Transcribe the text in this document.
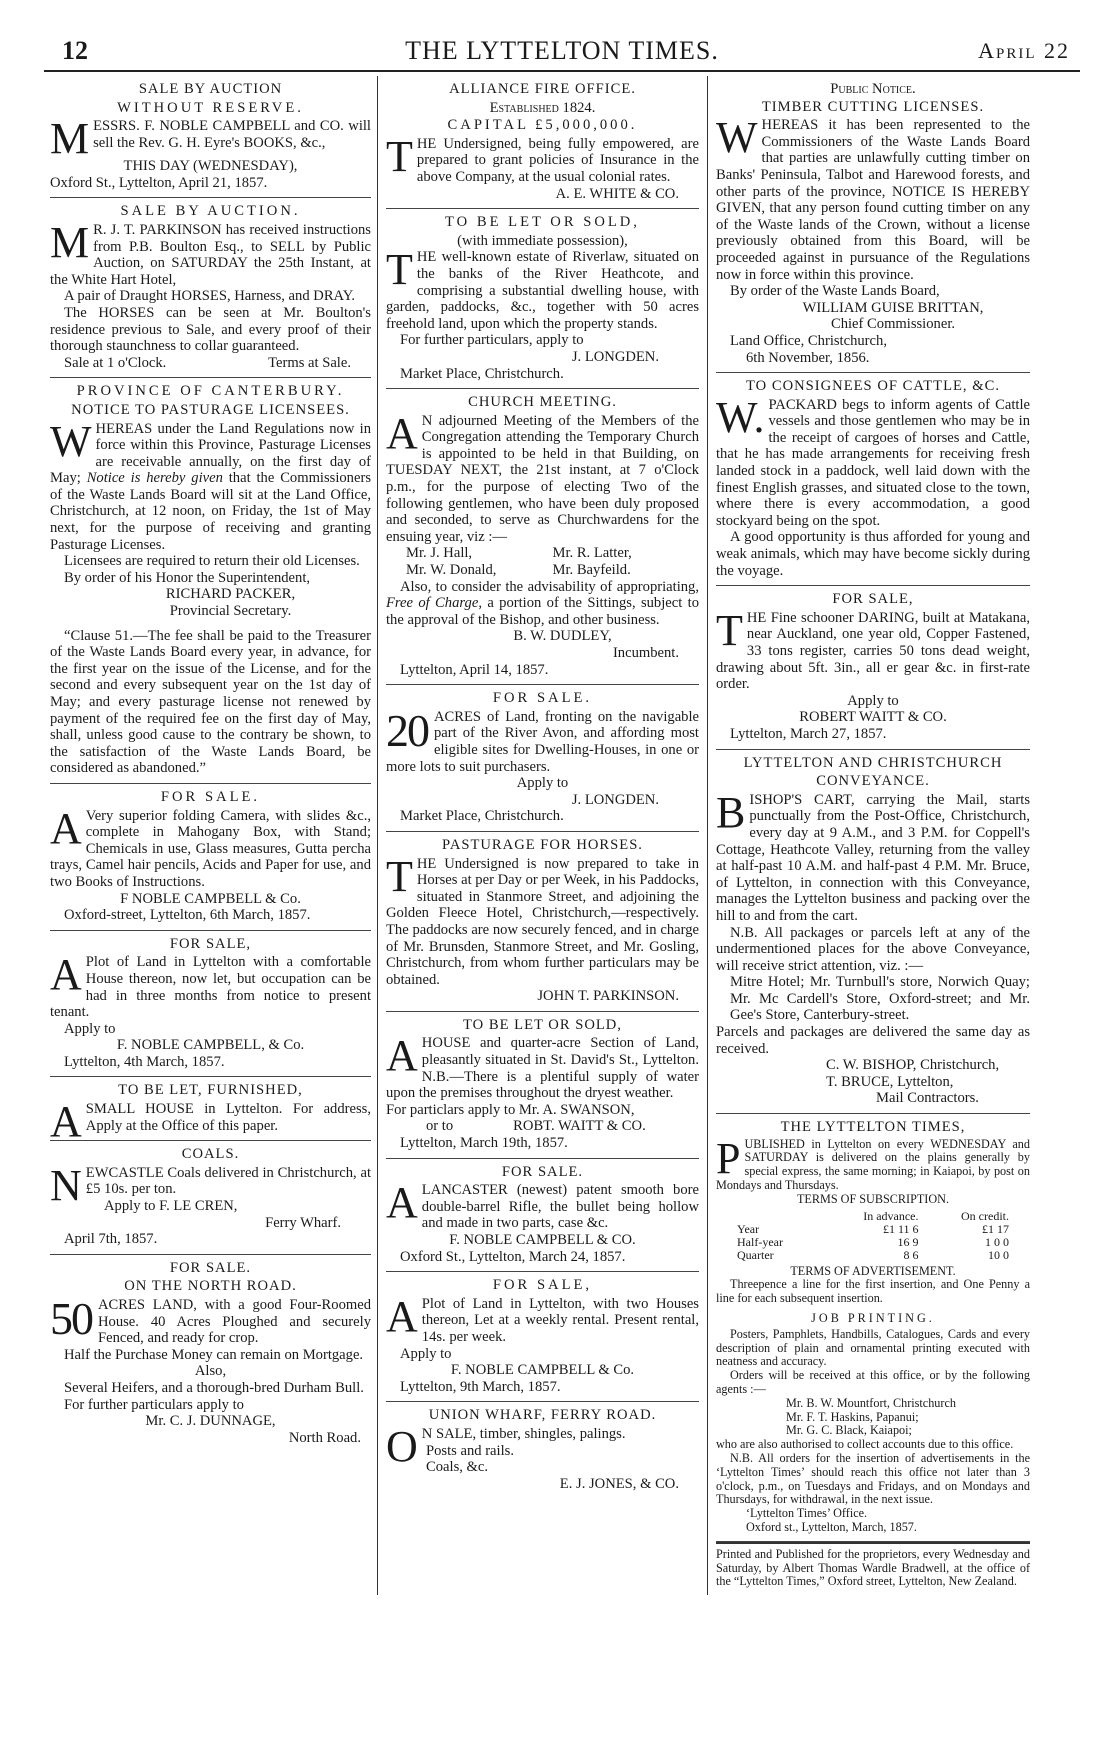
12	THE LYTTELTON TIMES.	April 22
SALE BY AUCTION
WITHOUT RESERVE.

MESSRS. F. NOBLE CAMPBELL and CO. will sell the Rev. G. H. Eyre's BOOKS, &c.,

THIS DAY (WEDNESDAY),

Oxford St., Lyttelton, April 21, 1857.

SALE BY AUCTION.

MR. J. T. PARKINSON has received instructions from P.B. Boulton Esq., to SELL by Public Auction, on SATURDAY the 25th Instant, at the White Hart Hotel,

A pair of Draught HORSES, Harness, and DRAY.

The HORSES can be seen at Mr. Boulton's residence previous to Sale, and every proof of their thorough staunchness to collar guaranteed.

Sale at 1 o'Clock.	Terms at Sale.

PROVINCE OF CANTERBURY.
NOTICE TO PASTURAGE LICENSEES.

WHEREAS under the Land Regulations now in force within this Province, Pasturage Licenses are receivable annually, on the first day of May; Notice is hereby given that the Commissioners of the Waste Lands Board will sit at the Land Office, Christchurch, at 12 noon, on Friday, the 1st of May next, for the purpose of receiving and granting Pasturage Licenses.

Licensees are required to return their old Licenses.

By order of his Honor the Superintendent,

RICHARD PACKER,

Provincial Secretary.

“Clause 51.—The fee shall be paid to the Treasurer of the Waste Lands Board every year, in advance, for the first year on the issue of the License, and for the second and every subsequent year on the 1st day of May; and every pasturage license not renewed by payment of the required fee on the first day of May, shall, unless good cause to the contrary be shown, to the satisfaction of the Waste Lands Board, be considered as abandoned.”

FOR SALE.

AVery superior folding Camera, with slides &c., complete in Mahogany Box, with Stand; Chemicals in use, Glass measures, Gutta percha trays, Camel hair pencils, Acids and Paper for use, and two Books of Instructions.

F NOBLE CAMPBELL & Co.

Oxford-street, Lyttelton, 6th March, 1857.

FOR SALE,

APlot of Land in Lyttelton with a comfortable House thereon, now let, but occupation can be had in three months from notice to present tenant.

Apply to

F. NOBLE CAMPBELL, & Co.

Lyttelton, 4th March, 1857.

TO BE LET, FURNISHED,

ASMALL HOUSE in Lyttelton. For address, Apply at the Office of this paper.

COALS.

NEWCASTLE Coals delivered in Christchurch, at £5 10s. per ton.

Apply to F. LE CREN,

Ferry Wharf.

April 7th, 1857.

FOR SALE.
ON THE NORTH ROAD.

50 ACRES LAND, with a good Four-Roomed House. 40 Acres Ploughed and securely Fenced, and ready for crop.

Half the Purchase Money can remain on Mortgage.

Also,

Several Heifers, and a thorough-bred Durham Bull.

For further particulars apply to

Mr. C. J. DUNNAGE,

North Road.

ALLIANCE FIRE OFFICE.
Established 1824.
CAPITAL £5,000,000.

THE Undersigned, being fully empowered, are prepared to grant policies of Insurance in the above Company, at the usual colonial rates.

A. E. WHITE & CO.

TO BE LET OR SOLD,
(with immediate possession),

THE well-known estate of Riverlaw, situated on the banks of the River Heathcote, and comprising a substantial dwelling house, with garden, paddocks, &c., together with 50 acres freehold land, upon which the property stands.

For further particulars, apply to

J. LONGDEN.

Market Place, Christchurch.

CHURCH MEETING.

AN adjourned Meeting of the Members of the Congregation attending the Temporary Church is appointed to be held in that Building, on TUESDAY NEXT, the 21st instant, at 7 o'Clock p.m., for the purpose of electing Two of the following gentlemen, who have been duly proposed and seconded, to serve as Churchwardens for the ensuing year, viz :—

Mr. J. Hall,	Mr. R. Latter,
Mr. W. Donald,	Mr. Bayfeild.

Also, to consider the advisability of appropriating, Free of Charge, a portion of the Sittings, subject to the approval of the Bishop, and other business.

B. W. DUDLEY,

Incumbent.

Lyttelton, April 14, 1857.

FOR SALE.

20 ACRES of Land, fronting on the navigable part of the River Avon, and affording most eligible sites for Dwelling-Houses, in one or more lots to suit purchasers.

Apply to

J. LONGDEN.

Market Place, Christchurch.

PASTURAGE FOR HORSES.

THE Undersigned is now prepared to take in Horses at per Day or per Week, in his Paddocks, situated in Stanmore Street, and adjoining the Golden Fleece Hotel, Christchurch,—respectively. The paddocks are now securely fenced, and in charge of Mr. Brunsden, Stanmore Street, and Mr. Gosling, Christchurch, from whom further particulars may be obtained.

JOHN T. PARKINSON.

TO BE LET OR SOLD,

AHOUSE and quarter-acre Section of Land, pleasantly situated in St. David's St., Lyttelton. N.B.—There is a plentiful supply of water upon the premises throughout the dryest weather.

For particlars apply to Mr. A. SWANSON,

or to	ROBT. WAITT & CO.

Lyttelton, March 19th, 1857.

FOR SALE.

ALANCASTER (newest) patent smooth bore double-barrel Rifle, the bullet being hollow and made in two parts, case &c.

F. NOBLE CAMPBELL & CO.

Oxford St., Lyttelton, March 24, 1857.

FOR SALE,

APlot of Land in Lyttelton, with two Houses thereon, Let at a weekly rental. Present rental, 14s. per week.

Apply to

F. NOBLE CAMPBELL & Co.

Lyttelton, 9th March, 1857.

UNION WHARF, FERRY ROAD.

ON SALE, timber, shingles, palings.

Posts and rails.

Coals, &c.

E. J. JONES, & CO.

Public Notice.
TIMBER CUTTING LICENSES.

WHEREAS it has been represented to the Commissioners of the Waste Lands Board that parties are unlawfully cutting timber on Banks' Peninsula, Talbot and Harewood forests, and other parts of the province, NOTICE IS HEREBY GIVEN, that any person found cutting timber on any of the Waste lands of the Crown, without a license previously obtained from this Board, will be proceeded against in pursuance of the Regulations now in force within this province.

By order of the Waste Lands Board,

WILLIAM GUISE BRITTAN,

Chief Commissioner.

Land Office, Christchurch,

6th November, 1856.

TO CONSIGNEES OF CATTLE, &C.

W.PACKARD begs to inform agents of Cattle vessels and those gentlemen who may be in the receipt of cargoes of horses and Cattle, that he has made arrangements for receiving fresh landed stock in a paddock, well laid down with the finest English grasses, and situated close to the town, where there is every accommodation, a good stockyard being on the spot.

A good opportunity is thus afforded for young and weak animals, which may have become sickly during the voyage.

FOR SALE,

THE Fine schooner DARING, built at Matakana, near Auckland, one year old, Copper Fastened, 33 tons register, carries 50 tons dead weight, drawing about 5ft. 3in., all er gear &c. in first-rate order.

Apply to

ROBERT WAITT & CO.

Lyttelton, March 27, 1857.

LYTTELTON AND CHRISTCHURCH
CONVEYANCE.

BISHOP'S CART, carrying the Mail, starts punctually from the Post-Office, Christchurch, every day at 9 A.M., and 3 P.M. for Coppell's Cottage, Heathcote Valley, returning from the valley at half-past 10 A.M. and half-past 4 P.M. Mr. Bruce, of Lyttelton, in connection with this Conveyance, manages the Lyttelton business and packing over the hill to and from the cart.

N.B. All packages or parcels left at any of the undermentioned places for the above Conveyance, will receive strict attention, viz. :—

Mitre Hotel; Mr. Turnbull's store, Norwich Quay; Mr. Mc Cardell's Store, Oxford-street; and Mr. Gee's Store, Canterbury-street.

Parcels and packages are delivered the same day as received.

C. W. BISHOP, Christchurch,

T. BRUCE, Lyttelton,

Mail Contractors.

THE LYTTELTON TIMES,

PUBLISHED in Lyttelton on every WEDNESDAY and SATURDAY is delivered on the plains generally by special express, the same morning; in Kaiapoi, by post on Mondays and Thursdays.

TERMS OF SUBSCRIPTION.
	In advance.	On credit.
Year	£1 11 6	£1 17
Half-year	16 9	1 0 0
Quarter	8 6	10 0
TERMS OF ADVERTISEMENT.

Threepence a line for the first insertion, and One Penny a line for each subsequent insertion.

JOB PRINTING.

Posters, Pamphlets, Handbills, Catalogues, Cards and every description of plain and ornamental printing executed with neatness and accuracy.

Orders will be received at this office, or by the following agents :—

Mr. B. W. Mountfort, Christchurch

Mr. F. T. Haskins, Papanui;

Mr. G. C. Black, Kaiapoi;

who are also authorised to collect accounts due to this office.

N.B. All orders for the insertion of advertisements in the ‘Lyttelton Times’ should reach this office not later than 3 o'clock, p.m., on Tuesdays and Fridays, and on Mondays and Thursdays, for withdrawal, in the next issue.

‘Lyttelton Times’ Office.

Oxford st., Lyttelton, March, 1857.

Printed and Published for the proprietors, every Wednesday and Saturday, by Albert Thomas Wardle Bradwell, at the office of the “Lyttelton Times,” Oxford street, Lyttelton, New Zealand.
